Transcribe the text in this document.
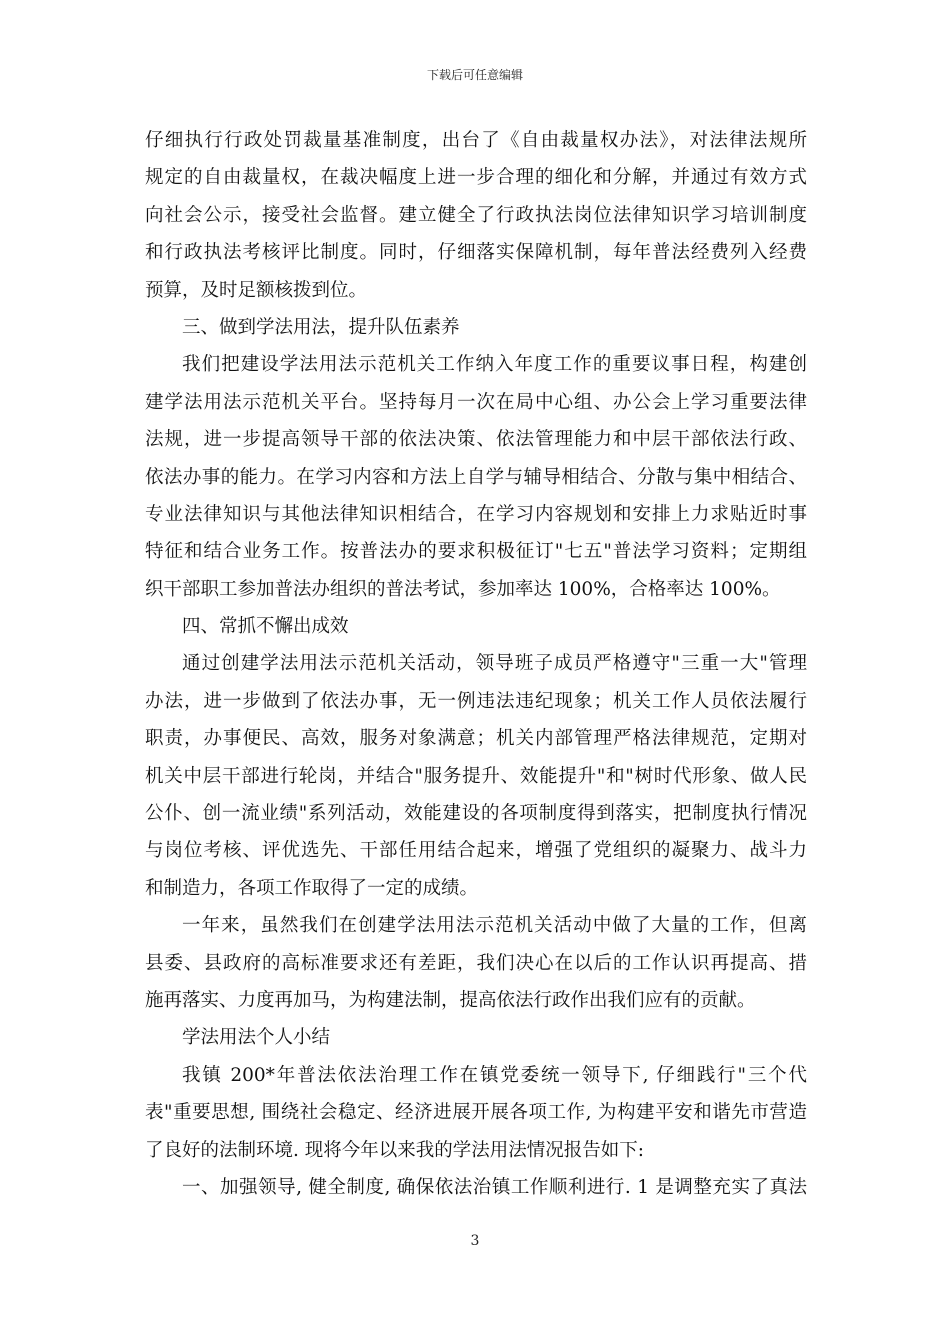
下载后可任意编辑
仔细执行行政处罚裁量基准制度，出台了《自由裁量权办法》，对法律法规所
规定的自由裁量权，在裁决幅度上进一步合理的细化和分解，并通过有效方式
向社会公示，接受社会监督。建立健全了行政执法岗位法律知识学习培训制度
和行政执法考核评比制度。同时，仔细落实保障机制，每年普法经费列入经费
预算，及时足额核拨到位。
三、做到学法用法，提升队伍素养
我们把建设学法用法示范机关工作纳入年度工作的重要议事日程，构建创
建学法用法示范机关平台。坚持每月一次在局中心组、办公会上学习重要法律
法规，进一步提高领导干部的依法决策、依法管理能力和中层干部依法行政、
依法办事的能力。在学习内容和方法上自学与辅导相结合、分散与集中相结合、
专业法律知识与其他法律知识相结合，在学习内容规划和安排上力求贴近时事
特征和结合业务工作。按普法办的要求积极征订"七五"普法学习资料；定期组
织干部职工参加普法办组织的普法考试，参加率达 100%，合格率达 100%。
四、常抓不懈出成效
通过创建学法用法示范机关活动，领导班子成员严格遵守"三重一大"管理
办法，进一步做到了依法办事，无一例违法违纪现象；机关工作人员依法履行
职责，办事便民、高效，服务对象满意；机关内部管理严格法律规范，定期对
机关中层干部进行轮岗，并结合"服务提升、效能提升"和"树时代形象、做人民
公仆、创一流业绩"系列活动，效能建设的各项制度得到落实，把制度执行情况
与岗位考核、评优选先、干部任用结合起来，增强了党组织的凝聚力、战斗力
和制造力，各项工作取得了一定的成绩。
一年来，虽然我们在创建学法用法示范机关活动中做了大量的工作，但离
县委、县政府的高标准要求还有差距，我们决心在以后的工作认识再提高、措
施再落实、力度再加马，为构建法制，提高依法行政作出我们应有的贡献。
学法用法个人小结
我镇 200*年普法依法治理工作在镇党委统一领导下, 仔细践行"三个代
表"重要思想, 围绕社会稳定、经济进展开展各项工作, 为构建平安和谐先市营造
了良好的法制环境. 现将今年以来我的学法用法情况报告如下:
一、加强领导, 健全制度, 确保依法治镇工作顺利进行. 1 是调整充实了真法
3
